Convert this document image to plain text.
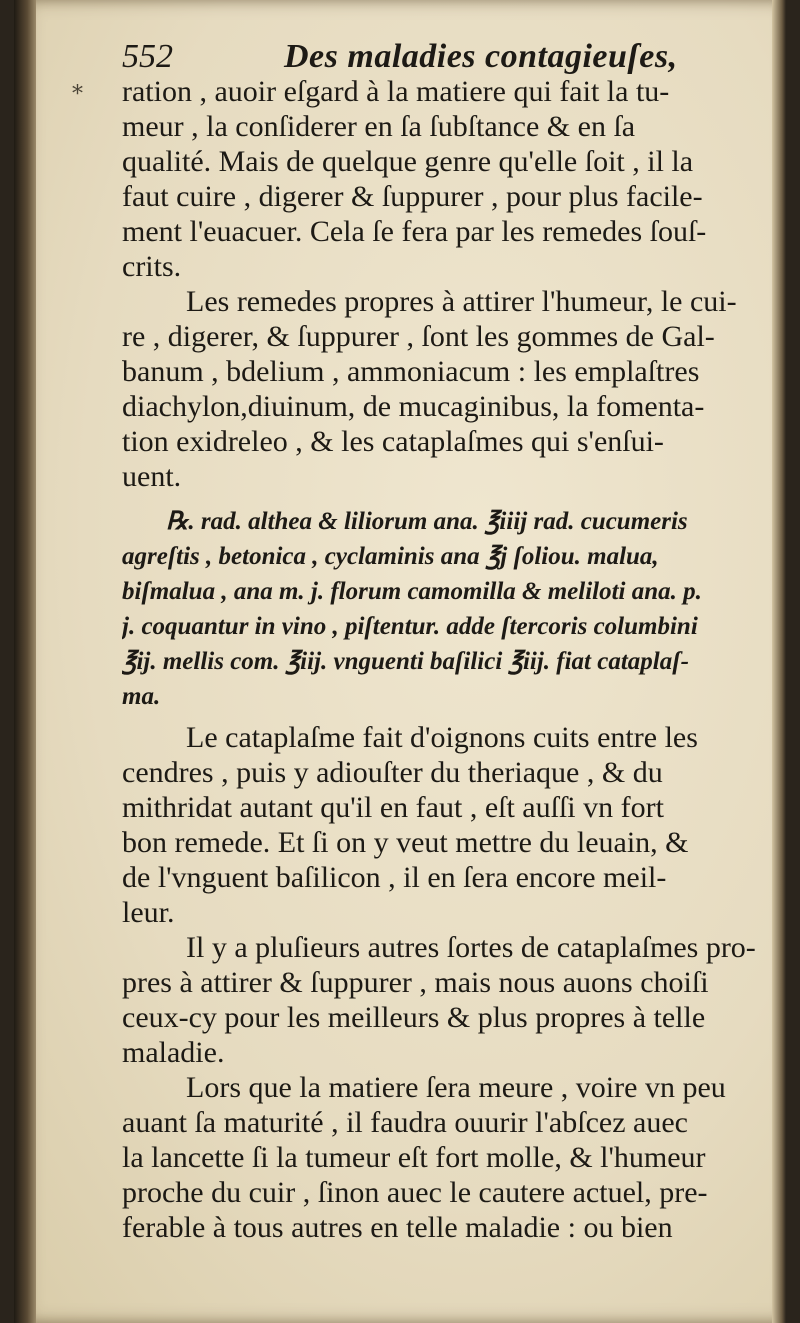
552	Des maladies contagieuſes,
* ration , auoir eſgard à la matiere qui fait la tu-
meur , la conſiderer en ſa ſubſtance & en ſa
qualité. Mais de quelque genre qu'elle ſoit , il la
faut cuire , digerer & ſuppurer , pour plus facile-
ment l'euacuer. Cela ſe fera par les remedes ſouſ-
crits.
Les remedes propres à attirer l'humeur, le cui-
re , digerer, & ſuppurer , ſont les gommes de Gal-
banum , bdelium , ammoniacum : les emplaſtres
diachylon,diuinum, de mucaginibus, la fomenta-
tion exidreleo , & les cataplaſmes qui s'enſui-
uent.
℞. rad. althea & liliorum ana. ℥iiij rad. cucumeris
agreſtis , betonica , cyclaminis ana ℥j ſoliou. malua,
biſmalua , ana m. j. florum camomilla & meliloti ana. p.
j. coquantur in vino , piſtentur. adde ſtercoris columbini
℥ij. mellis com. ℥iij. vnguenti baſilici ℥iij. fiat cataplaſ-
ma.
Le cataplaſme fait d'oignons cuits entre les
cendres , puis y adiouſter du theriaque , & du
mithridat autant qu'il en faut , eſt auſſi vn fort
bon remede. Et ſi on y veut mettre du leuain, &
de l'vnguent baſilicon , il en ſera encore meil-
leur.
Il y a pluſieurs autres ſortes de cataplaſmes pro-
pres à attirer & ſuppurer , mais nous auons choiſi
ceux-cy pour les meilleurs & plus propres à telle
maladie.
Lors que la matiere ſera meure , voire vn peu
auant ſa maturité , il faudra ouurir l'abſcez auec
la lancette ſi la tumeur eſt fort molle, & l'humeur
proche du cuir , ſinon auec le cautere actuel, pre-
ferable à tous autres en telle maladie : ou bien
